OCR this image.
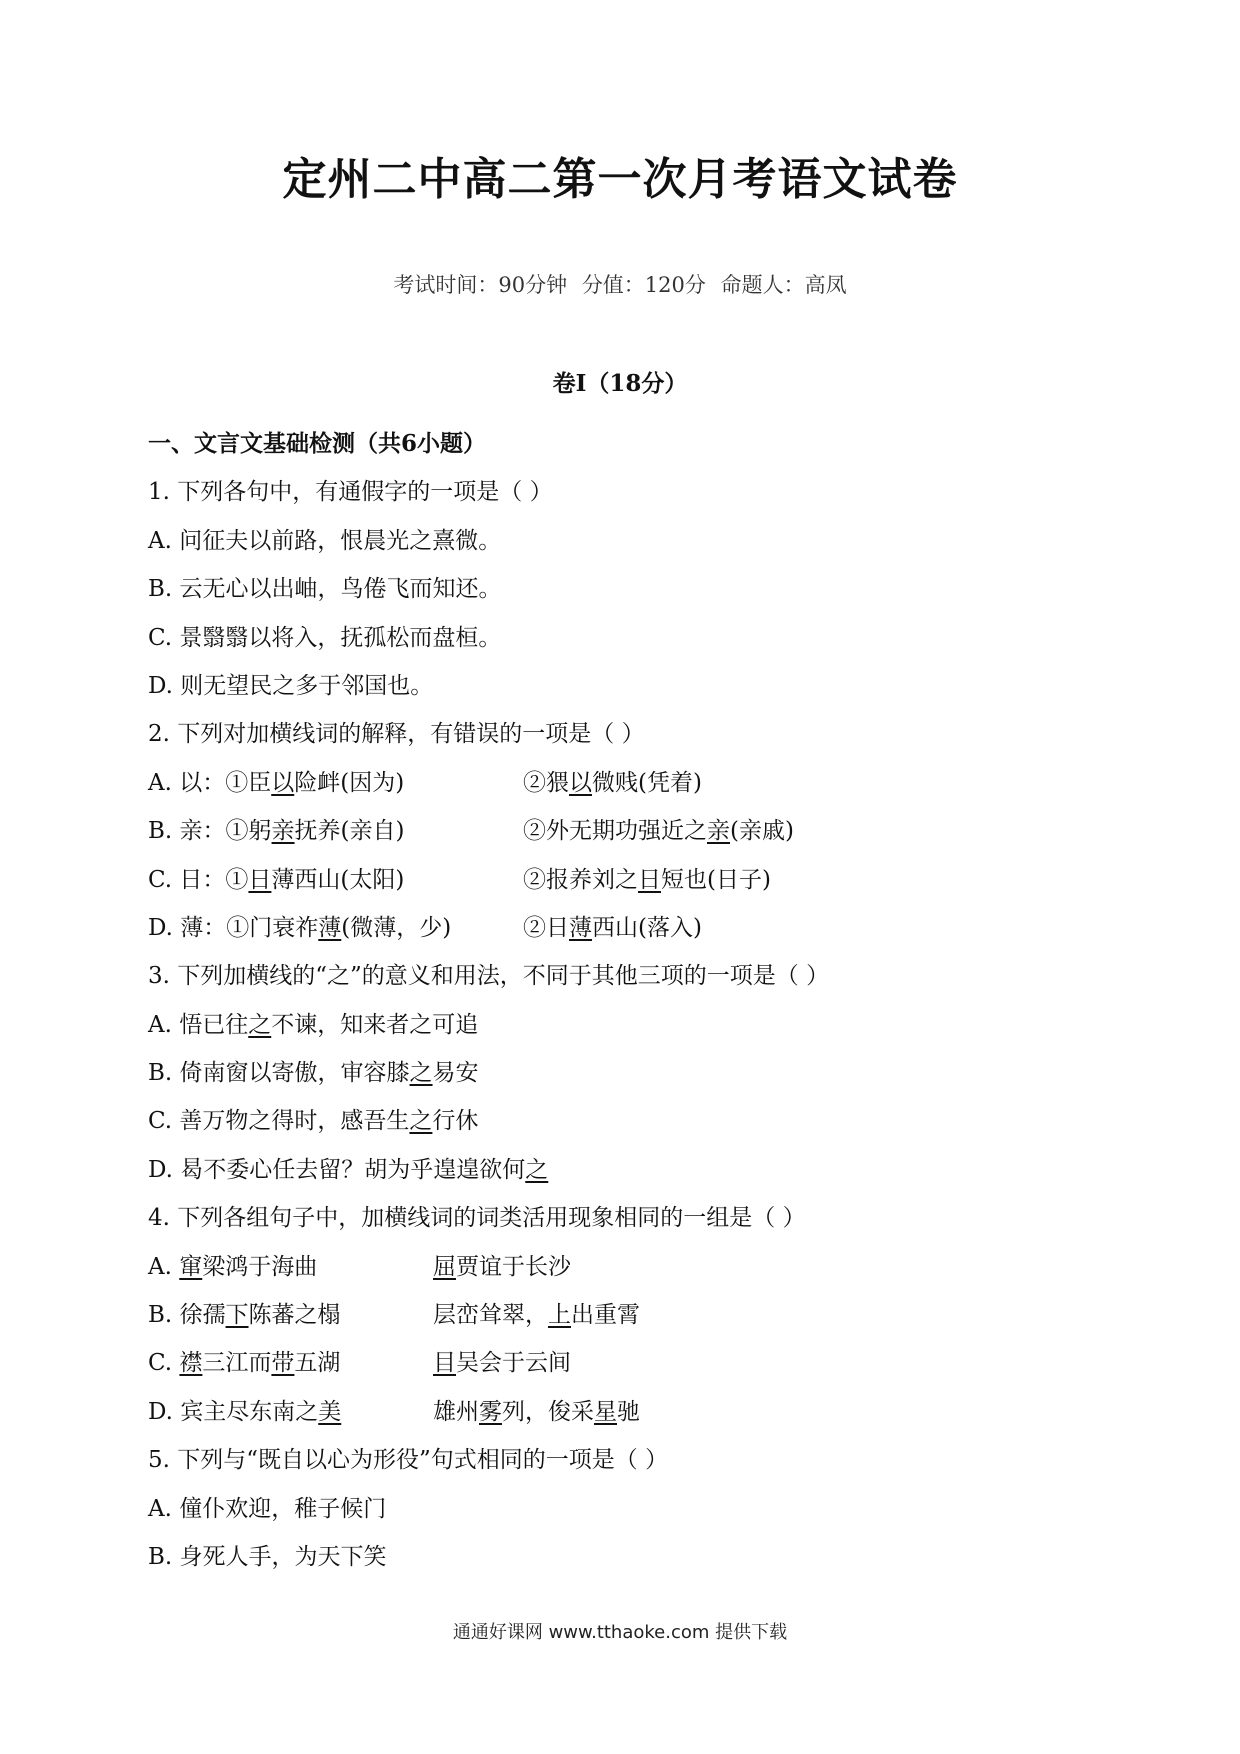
定州二中高二第一次月考语文试卷
考试时间：90分钟 分值：120分 命题人：高凤
卷Ⅰ（18分）
一、文言文基础检测（共6小题）
1. 下列各句中，有通假字的一项是（ ）
A. 问征夫以前路，恨晨光之熹微。
B. 云无心以出岫，鸟倦飞而知还。
C. 景翳翳以将入，抚孤松而盘桓。
D. 则无望民之多于邻国也。
2. 下列对加横线词的解释，有错误的一项是（ ）
A. 以：①臣以险衅(因为)	②猥以微贱(凭着)
B. 亲：①躬亲抚养(亲自)	②外无期功强近之亲(亲戚)
C. 日：①日薄西山(太阳)	②报养刘之日短也(日子)
D. 薄：①门衰祚薄(微薄，少)	②日薄西山(落入)
3. 下列加横线的“之”的意义和用法，不同于其他三项的一项是（ ）
A. 悟已往之不谏，知来者之可追
B. 倚南窗以寄傲，审容膝之易安
C. 善万物之得时，感吾生之行休
D. 曷不委心任去留？胡为乎遑遑欲何之
4. 下列各组句子中，加横线词的词类活用现象相同的一组是（ ）
A. 窜梁鸿于海曲	屈贾谊于长沙
B. 徐孺下陈蕃之榻	层峦耸翠，上出重霄
C. 襟三江而带五湖	目吴会于云间
D. 宾主尽东南之美	雄州雾列，俊采星驰
5. 下列与“既自以心为形役”句式相同的一项是（ ）
A. 僮仆欢迎，稚子候门
B. 身死人手，为天下笑
通通好课网 www.tthaoke.com 提供下载
